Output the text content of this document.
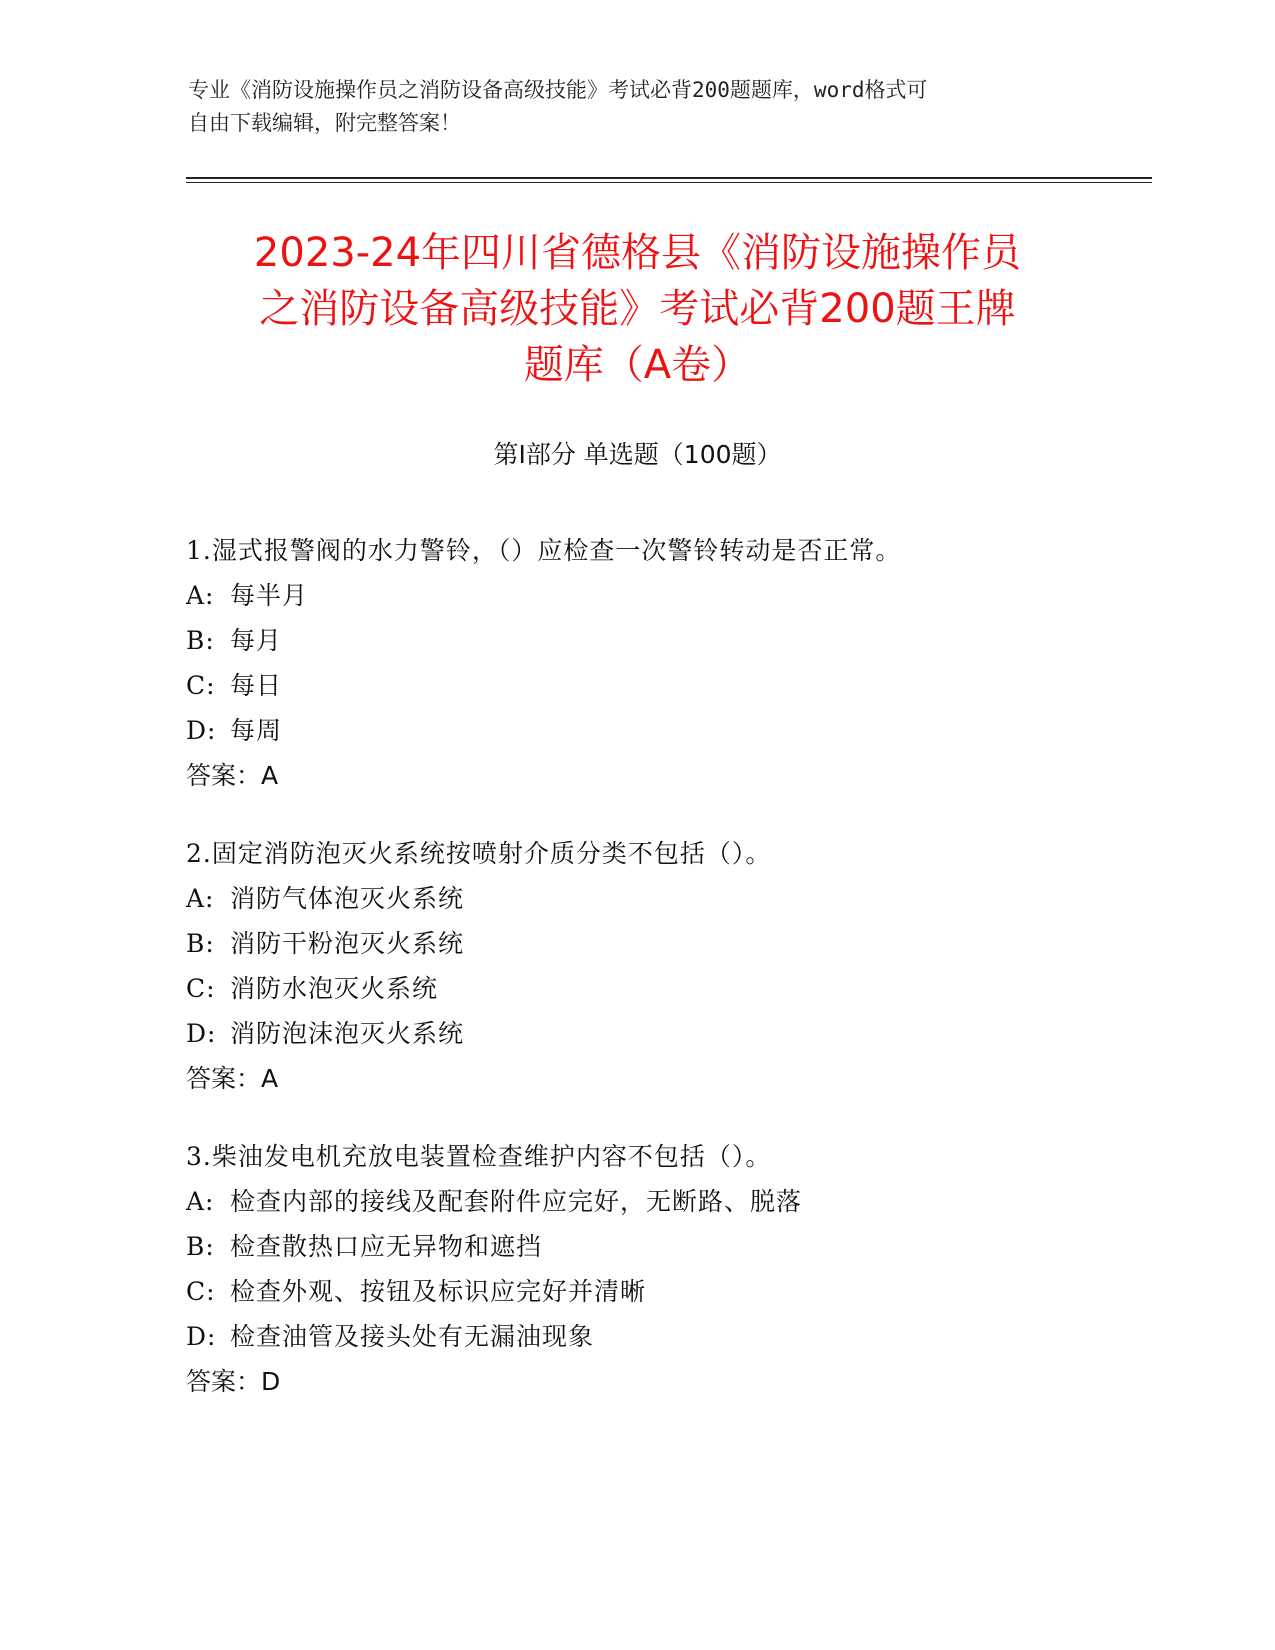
专业《消防设施操作员之消防设备高级技能》考试必背200题题库，word格式可
自由下载编辑，附完整答案！
2023-24年四川省德格县《消防设施操作员
之消防设备高级技能》考试必背200题王牌
题库（A卷）
第Ⅰ部分 单选题（100题）
1.湿式报警阀的水力警铃，（）应检查一次警铃转动是否正常。
A: 每半月
B: 每月
C: 每日
D: 每周
答案：A
2.固定消防泡灭火系统按喷射介质分类不包括（）。
A: 消防气体泡灭火系统
B: 消防干粉泡灭火系统
C: 消防水泡灭火系统
D: 消防泡沫泡灭火系统
答案：A
3.柴油发电机充放电装置检查维护内容不包括（）。
A: 检查内部的接线及配套附件应完好，无断路、脱落
B: 检查散热口应无异物和遮挡
C: 检查外观、按钮及标识应完好并清晰
D: 检查油管及接头处有无漏油现象
答案：D
